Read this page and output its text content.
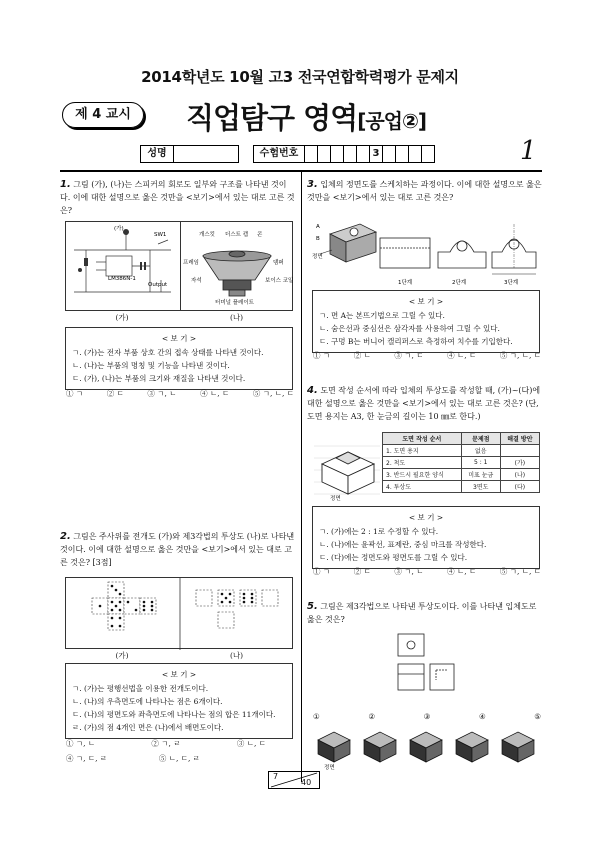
2014학년도 10월 고3 전국연합학력평가 문제지
제 4 교시	직업탐구 영역[공업②]
성명	수험번호	3	1
1. 그림 (가), (나)는 스피커의 회로도 일부와 구조를 나타낸 것이다. 이에 대한 설명으로 옳은 것만을 <보기>에서 있는 대로 고른 것은?
LM386N-1
SW1
Output
(가)
개스킷 더스트 캡 콘
프레임
자석
댐퍼
보이스 코일
터미널 플레이트
(가)	(나)
< 보 기 >
ㄱ. (가)는 전자 부품 상호 간의 접속 상태를 나타낸 것이다.
ㄴ. (나)는 부품의 명칭 및 기능을 나타낸 것이다.
ㄷ. (가), (나)는 부품의 크기와 재질을 나타낸 것이다.
① ㄱ	② ㄷ	③ ㄱ, ㄴ	④ ㄴ, ㄷ	⑤ ㄱ, ㄴ, ㄷ
2. 그림은 주사위를 전개도 (가)와 제3각법의 투상도 (나)로 나타낸 것이다. 이에 대한 설명으로 옳은 것만을 <보기>에서 있는 대로 고른 것은? [3점]
(가)	(나)
< 보 기 >
ㄱ. (가)는 평행선법을 이용한 전개도이다.
ㄴ. (나)의 우측면도에 나타나는 점은 6개이다.
ㄷ. (나)의 평면도와 좌측면도에 나타나는 점의 합은 11개이다.
ㄹ. (가)의 점 4개인 면은 (나)에서 배면도이다.
① ㄱ, ㄴ	② ㄱ, ㄹ	③ ㄴ, ㄷ
④ ㄱ, ㄷ, ㄹ	⑤ ㄴ, ㄷ, ㄹ
3. 입체의 정면도를 스케치하는 과정이다. 이에 대한 설명으로 옳은 것만을 <보기>에서 있는 대로 고른 것은?
A
B
정면
1단계	2단계	3단계
< 보 기 >
ㄱ. 면 A는 본뜨기법으로 그릴 수 있다.
ㄴ. 숨은선과 중심선은 삼각자를 사용하여 그릴 수 있다.
ㄷ. 구멍 B는 버니어 캘리퍼스로 측정하여 치수를 기입한다.
① ㄱ	② ㄴ	③ ㄱ, ㄷ	④ ㄴ, ㄷ	⑤ ㄱ, ㄴ, ㄷ
4. 도면 작성 순서에 따라 입체의 투상도를 작성할 때, (가)~(다)에 대한 설명으로 옳은 것만을 <보기>에서 있는 대로 고른 것은? (단, 도면 용지는 A3, 한 눈금의 길이는 10 ㎜로 한다.)
정면
도면 작성 순서	문제점	해결 방안
1. 도면 용지	없음	
2. 척도	5 : 1	(가)
3. 반드시 필요한 양식	미표 눈금	(나)
4. 투상도	3면도	(다)
< 보 기 >
ㄱ. (가)에는 2 : 1로 수정할 수 있다.
ㄴ. (나)에는 윤곽선, 표제란, 중심 마크를 작성한다.
ㄷ. (다)에는 정면도와 평면도를 그릴 수 있다.
① ㄱ	② ㄷ	③ ㄱ, ㄴ	④ ㄴ, ㄷ	⑤ ㄱ, ㄴ, ㄷ
5. 그림은 제3각법으로 나타낸 투상도이다. 이를 나타낸 입체도로 옳은 것은?
①	②	③	④	⑤
정면
7
40
